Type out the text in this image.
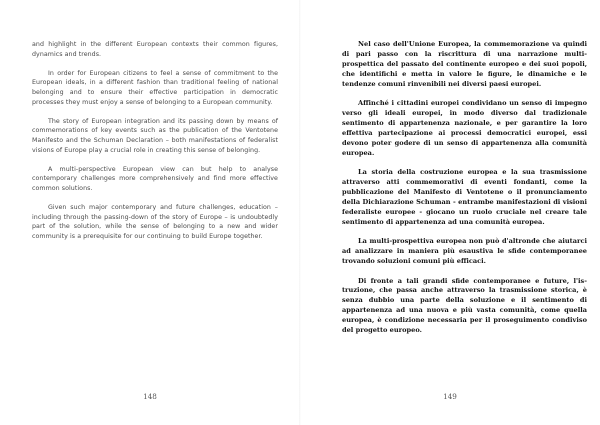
and highlight in the different European contexts their common figures, dynamics and trends.

In order for European citizens to feel a sense of commitment to the European ideals, in a different fashion than traditional feeling of national belonging and to ensure their effective participation in democratic processes they must enjoy a sense of belonging to a European community.

The story of European integration and its passing down by means of commemorations of key events such as the publication of the Ventotene Manifesto and the Schuman Declaration – both manifestations of federalist visions of Europe play a crucial role in creating this sense of belonging.

A multi-perspective European view can but help to analyse contemporary challenges more comprehensively and find more effective common solutions.

Given such major contemporary and future challenges, education – including through the passing-down of the story of Europe – is undoubtedly part of the solution, while the sense of belonging to a new and wider community is a prerequisite for our continuing to build Europe together.

148

Nel caso dell'Unione Europea, la commemorazione va quindi di pari passo con la riscrittura di una narrazione multi-prospettica del passato del continente europeo e dei suoi popoli, che identifichi e metta in valore le figure, le dinamiche e le tendenze comuni rinvenibili nei diversi paesi europei.

Affinché i cittadini europei condividano un senso di impegno verso gli ideali europei, in modo diverso dal tradizionale sentimento di appartenenza nazionale, e per garantire la loro effettiva partecipazione ai processi democratici europei, essi devono poter godere di un senso di appartenenza alla comunità europea.

La storia della costruzione europea e la sua trasmissione attraverso atti commemorativi di eventi fondanti, come la pubblicazione del Manifesto di Ventotene o il pronunciamento della Dichiarazione Schuman - entrambe manifestazioni di visioni federaliste europee - giocano un ruolo cruciale nel creare tale sentimento di appartenenza ad una comunità europea.

La multi-prospettiva europea non può d'altronde che aiutarci ad analizzare in maniera più esaustiva le sfide contemporanee trovando soluzioni comuni più efficaci.

Di fronte a tali grandi sfide contemporanee e future, l'istruzione, che passa anche attraverso la trasmissione storica, è senza dubbio una parte della soluzione e il sentimento di appartenenza ad una nuova e più vasta comunità, come quella europea, è condizione necessaria per il proseguimento condiviso del progetto europeo.

149
